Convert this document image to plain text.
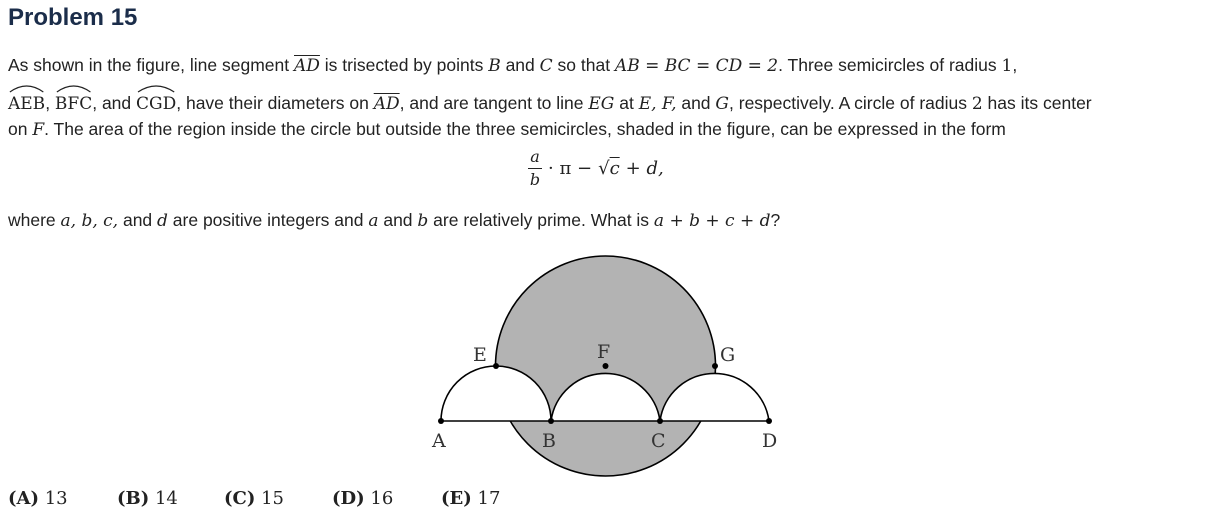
Problem 15

As shown in the figure, line segment $\overline{AD}$ is trisected by points B and C so that AB = BC = CD = 2. Three semicircles of radius 1,

AEB,
BFC, and
CGD, have their diameters on $\overline{AD}$, and are tangent to line EG at E, F, and G, respectively. A circle of radius 2 has its center

on F. The area of the region inside the circle but outside the three semicircles, shaded in the figure, can be expressed in the form

$\frac{a}{b} \cdot \pi - √c + d$,

where a, b, c, and d are positive integers and a and b are relatively prime. What is a + b + c + d?

A	B	C	D
E	F	G
(A) 13	(B) 14	(C) 15	(D) 16	(E) 17
